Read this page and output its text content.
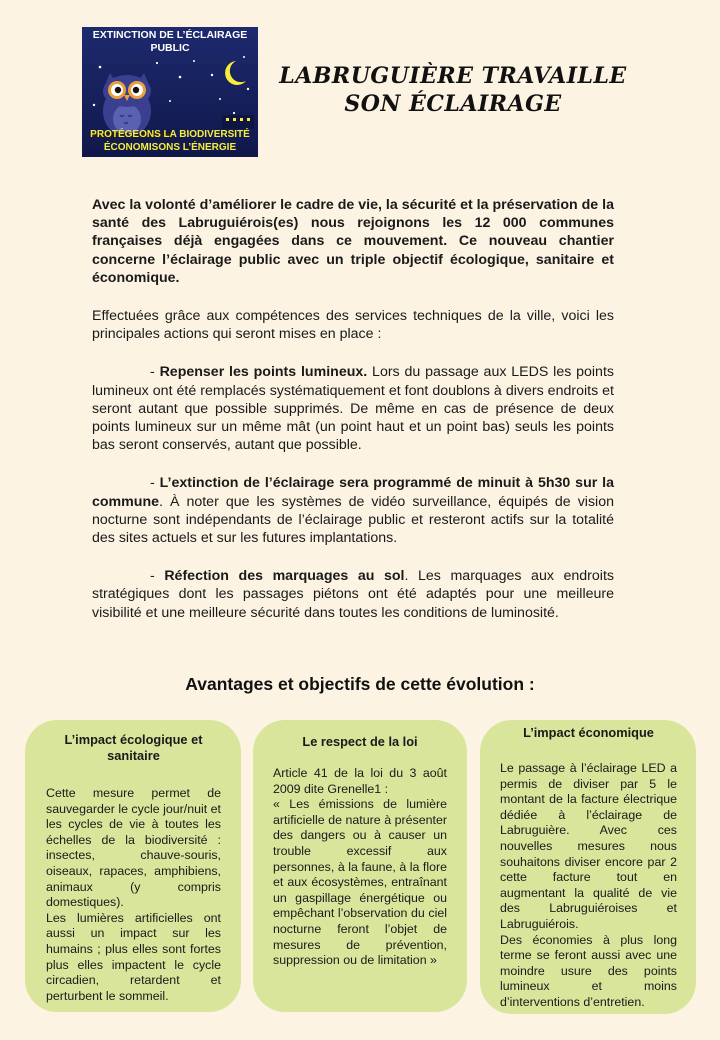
EXTINCTION DE L’ÉCLAIRAGE
PUBLIC
PROTÉGEONS LA BIODIVERSITÉ
ÉCONOMISONS L’ÉNERGIE
LABRUGUIÈRE TRAVAILLE
SON ÉCLAIRAGE

Avec la volonté d’améliorer le cadre de vie, la sécurité et la préservation de la santé des Labruguiérois(es) nous rejoignons les 12 000 communes françaises déjà engagées dans ce mouvement. Ce nouveau chantier concerne l’éclairage public avec un triple objectif écologique, sanitaire et économique.

Effectuées grâce aux compétences des services techniques de la ville, voici les principales actions qui seront mises en place :

- Repenser les points lumineux. Lors du passage aux LEDS les points lumineux ont été remplacés systématiquement et font doublons à divers endroits et seront autant que possible supprimés. De même en cas de présence de deux points lumineux sur un même mât (un point haut et un point bas) seuls les points bas seront conservés, autant que possible.

- L’extinction de l’éclairage sera programmé de minuit à 5h30 sur la commune. À noter que les systèmes de vidéo surveillance, équipés de vision nocturne sont indépendants de l’éclairage public et resteront actifs sur la totalité des sites actuels et sur les futures implantations.

- Réfection des marquages au sol. Les marquages aux endroits stratégiques dont les passages piétons ont été adaptés pour une meilleure visibilité et une meilleure sécurité dans toutes les conditions de luminosité.

Avantages et objectifs de cette évolution :
L’impact écologique et sanitaire

Cette mesure permet de sauvegarder le cycle jour/nuit et les cycles de vie à toutes les échelles de la biodiversité : insectes, chauve-souris, oiseaux, rapaces, amphibiens, animaux (y compris domestiques).

Les lumières artificielles ont aussi un impact sur les humains ; plus elles sont fortes plus elles impactent le cycle circadien, retardent et perturbent le sommeil.

Le respect de la loi

Article 41 de la loi du 3 août 2009 dite Grenelle1 :

« Les émissions de lumière artificielle de nature à présenter des dangers ou à causer un trouble excessif aux personnes, à la faune, à la flore et aux écosystèmes, entraînant un gaspillage énergétique ou empêchant l’observation du ciel nocturne feront l’objet de mesures de prévention, suppression ou de limitation »

L’impact économique

Le passage à l’éclairage LED a permis de diviser par 5 le montant de la facture électrique dédiée à l’éclairage de Labruguière. Avec ces nouvelles mesures nous souhaitons diviser encore par 2 cette facture tout en augmentant la qualité de vie des Labruguiéroises et Labruguiérois.

Des économies à plus long terme se feront aussi avec une moindre usure des points lumineux et moins d’interventions d’entretien.
